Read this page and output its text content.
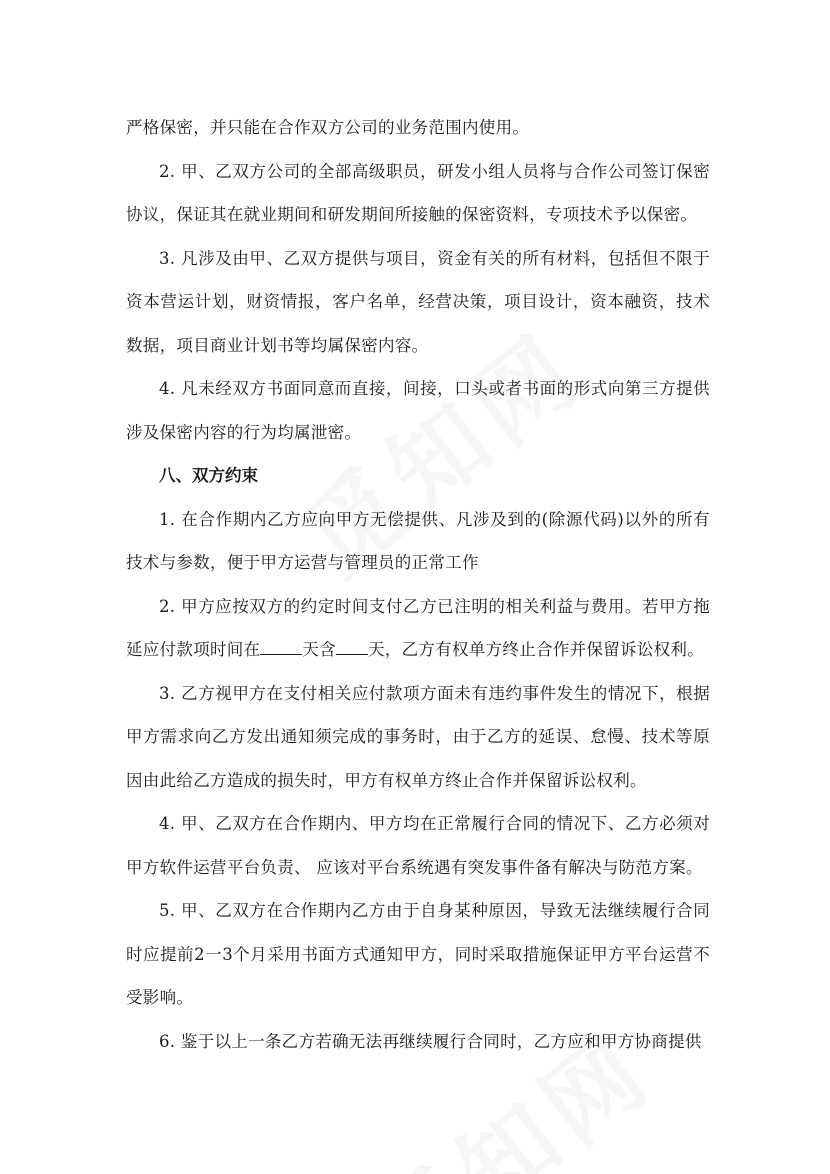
严格保密，并只能在合作双方公司的业务范围内使用。

2. 甲、乙双方公司的全部高级职员，研发小组人员将与合作公司签订保密协议，保证其在就业期间和研发期间所接触的保密资料，专项技术予以保密。

3. 凡涉及由甲、乙双方提供与项目，资金有关的所有材料，包括但不限于资本营运计划，财资情报，客户名单，经营决策，项目设计，资本融资，技术数据，项目商业计划书等均属保密内容。

4. 凡未经双方书面同意而直接，间接，口头或者书面的形式向第三方提供涉及保密内容的行为均属泄密。

八、双方约束

1. 在合作期内乙方应向甲方无偿提供、凡涉及到的(除源代码)以外的所有技术与参数，便于甲方运营与管理员的正常工作

2. 甲方应按双方的约定时间支付乙方已注明的相关利益与费用。若甲方拖延应付款项时间在	天含 天，乙方有权单方终止合作并保留诉讼权利。

3. 乙方视甲方在支付相关应付款项方面未有违约事件发生的情况下，根据甲方需求向乙方发出通知须完成的事务时，由于乙方的延误、怠慢、技术等原因由此给乙方造成的损失时，甲方有权单方终止合作并保留诉讼权利。

4. 甲、乙双方在合作期内、甲方均在正常履行合同的情况下、乙方必须对甲方软件运营平台负责、 应该对平台系统遇有突发事件备有解决与防范方案。

5. 甲、乙双方在合作期内乙方由于自身某种原因，导致无法继续履行合同时应提前2一3个月采用书面方式通知甲方，同时采取措施保证甲方平台运营不受影响。

6. 鉴于以上一条乙方若确无法再继续履行合同时，乙方应和甲方协商提供
